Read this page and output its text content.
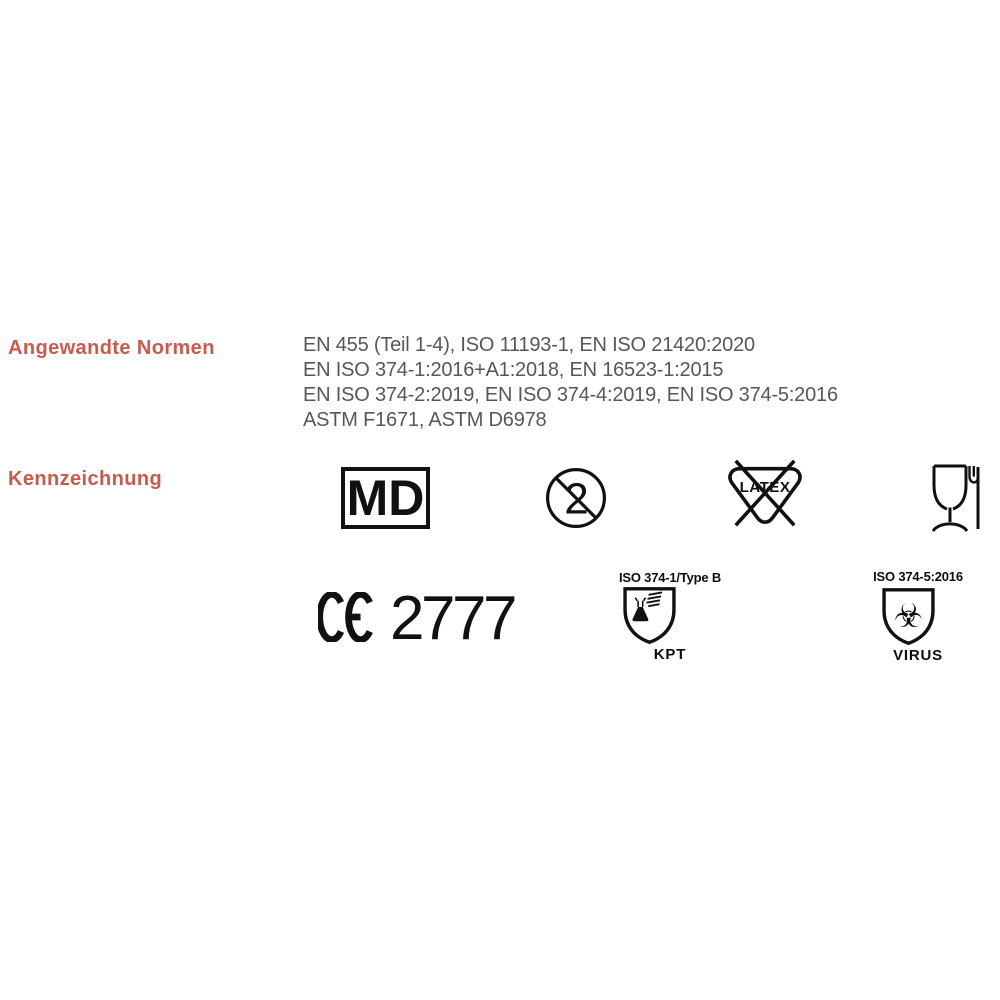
Angewandte Normen	EN 455 (Teil 1-4), ISO 11193-1, EN ISO 21420:2020
EN ISO 374-1:2016+A1:2018, EN 16523-1:2015
EN ISO 374-2:2019, EN ISO 374-4:2019, EN ISO 374-5:2016
ASTM F1671, ASTM D6978
Kennzeichnung	MD	2	LATEX
2777
ISO 374-1/Type B
KPT
ISO 374-5:2016
☣
VIRUS
